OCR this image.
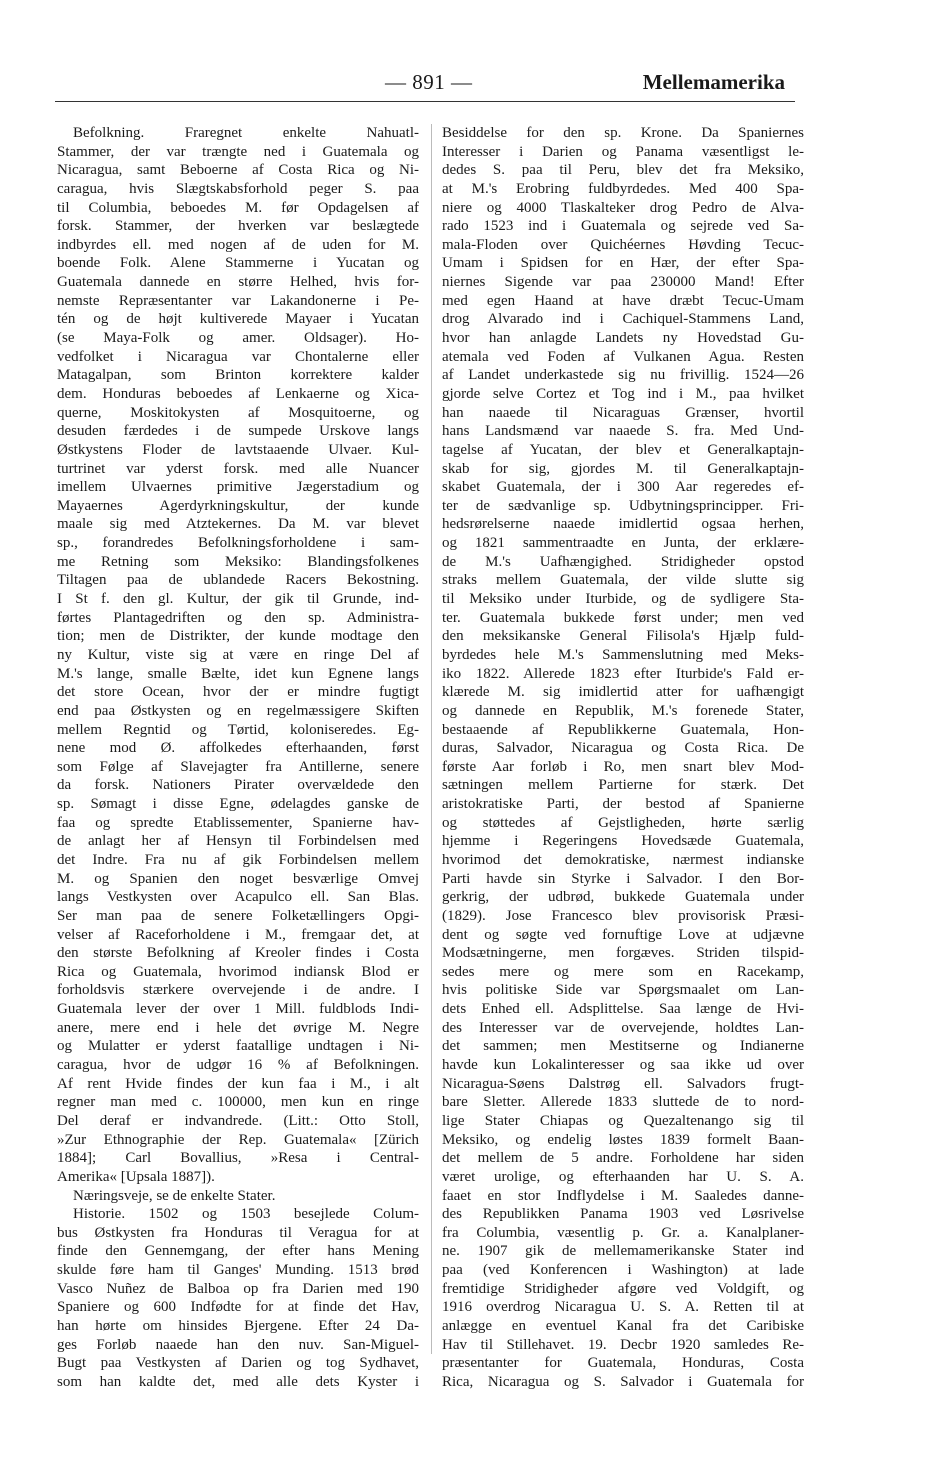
— 891 —	Mellemamerika
Befolkning. Fraregnet enkelte Nahuatl-
Stammer, der var trængte ned i Guatemala og
Nicaragua, samt Beboerne af Costa Rica og Ni-
caragua, hvis Slægtskabsforhold peger S. paa
til Columbia, beboedes M. før Opdagelsen af
forsk. Stammer, der hverken var beslægtede
indbyrdes ell. med nogen af de uden for M.
boende Folk. Alene Stammerne i Yucatan og
Guatemala dannede en større Helhed, hvis for-
nemste Repræsentanter var Lakandonerne i Pe-
tén og de højt kultiverede Mayaer i Yucatan
(se Maya-Folk og amer. Oldsager). Ho-
vedfolket i Nicaragua var Chontalerne eller
Matagalpan, som Brinton korrektere kalder
dem. Honduras beboedes af Lenkaerne og Xica-
querne, Moskitokysten af Mosquitoerne, og
desuden færdedes i de sumpede Urskove langs
Østkystens Floder de lavtstaaende Ulvaer. Kul-
turtrinet var yderst forsk. med alle Nuancer
imellem Ulvaernes primitive Jægerstadium og
Mayaernes Agerdyrkningskultur, der kunde
maale sig med Atztekernes. Da M. var blevet
sp., forandredes Befolkningsforholdene i sam-
me Retning som Meksiko: Blandingsfolkenes
Tiltagen paa de ublandede Racers Bekostning.
I St f. den gl. Kultur, der gik til Grunde, ind-
førtes Plantagedriften og den sp. Administra-
tion; men de Distrikter, der kunde modtage den
ny Kultur, viste sig at være en ringe Del af
M.'s lange, smalle Bælte, idet kun Egnene langs
det store Ocean, hvor der er mindre fugtigt
end paa Østkysten og en regelmæssigere Skiften
mellem Regntid og Tørtid, koloniseredes. Eg-
nene mod Ø. affolkedes efterhaanden, først
som Følge af Slavejagter fra Antillerne, senere
da forsk. Nationers Pirater overvældede den
sp. Sømagt i disse Egne, ødelagdes ganske de
faa og spredte Etablissementer, Spanierne hav-
de anlagt her af Hensyn til Forbindelsen med
det Indre. Fra nu af gik Forbindelsen mellem
M. og Spanien den noget besværlige Omvej
langs Vestkysten over Acapulco ell. San Blas.
Ser man paa de senere Folketællingers Opgi-
velser af Raceforholdene i M., fremgaar det, at
den største Befolkning af Kreoler findes i Costa
Rica og Guatemala, hvorimod indiansk Blod er
forholdsvis stærkere overvejende i de andre. I
Guatemala lever der over 1 Mill. fuldblods Indi-
anere, mere end i hele det øvrige M. Negre
og Mulatter er yderst faatallige undtagen i Ni-
caragua, hvor de udgør 16 % af Befolkningen.
Af rent Hvide findes der kun faa i M., i alt
regner man med c. 100000, men kun en ringe
Del deraf er indvandrede. (Litt.: Otto Stoll,
»Zur Ethnographie der Rep. Guatemala« [Zürich
1884]; Carl Bovallius, »Resa i Central-
Amerika« [Upsala 1887]).
Næringsveje, se de enkelte Stater.
Historie. 1502 og 1503 besejlede Colum-
bus Østkysten fra Honduras til Veragua for at
finde den Gennemgang, der efter hans Mening
skulde føre ham til Ganges' Munding. 1513 brød
Vasco Nuñez de Balboa op fra Darien med 190
Spaniere og 600 Indfødte for at finde det Hav,
han hørte om hinsides Bjergene. Efter 24 Da-
ges Forløb naaede han den nuv. San-Miguel-
Bugt paa Vestkysten af Darien og tog Sydhavet,
som han kaldte det, med alle dets Kyster i
Besiddelse for den sp. Krone. Da Spaniernes
Interesser i Darien og Panama væsentligst le-
dedes S. paa til Peru, blev det fra Meksiko,
at M.'s Erobring fuldbyrdedes. Med 400 Spa-
niere og 4000 Tlaskalteker drog Pedro de Alva-
rado 1523 ind i Guatemala og sejrede ved Sa-
mala-Floden over Quichéernes Høvding Tecuc-
Umam i Spidsen for en Hær, der efter Spa-
niernes Sigende var paa 230000 Mand! Efter
med egen Haand at have dræbt Tecuc-Umam
drog Alvarado ind i Cachiquel-Stammens Land,
hvor han anlagde Landets ny Hovedstad Gu-
atemala ved Foden af Vulkanen Agua. Resten
af Landet underkastede sig nu frivillig. 1524—26
gjorde selve Cortez et Tog ind i M., paa hvilket
han naaede til Nicaraguas Grænser, hvortil
hans Landsmænd var naaede S. fra. Med Und-
tagelse af Yucatan, der blev et Generalkaptajn-
skab for sig, gjordes M. til Generalkaptajn-
skabet Guatemala, der i 300 Aar regeredes ef-
ter de sædvanlige sp. Udbytningsprincipper. Fri-
hedsrørelserne naaede imidlertid ogsaa herhen,
og 1821 sammentraadte en Junta, der erklære-
de M.'s Uafhængighed. Stridigheder opstod
straks mellem Guatemala, der vilde slutte sig
til Meksiko under Iturbide, og de sydligere Sta-
ter. Guatemala bukkede først under; men ved
den meksikanske General Filisola's Hjælp fuld-
byrdedes hele M.'s Sammenslutning med Meks-
iko 1822. Allerede 1823 efter Iturbide's Fald er-
klærede M. sig imidlertid atter for uafhængigt
og dannede en Republik, M.'s forenede Stater,
bestaaende af Republikkerne Guatemala, Hon-
duras, Salvador, Nicaragua og Costa Rica. De
første Aar forløb i Ro, men snart blev Mod-
sætningen mellem Partierne for stærk. Det
aristokratiske Parti, der bestod af Spanierne
og støttedes af Gejstligheden, hørte særlig
hjemme i Regeringens Hovedsæde Guatemala,
hvorimod det demokratiske, nærmest indianske
Parti havde sin Styrke i Salvador. I den Bor-
gerkrig, der udbrød, bukkede Guatemala under
(1829). Jose Francesco blev provisorisk Præsi-
dent og søgte ved fornuftige Love at udjævne
Modsætningerne, men forgæves. Striden tilspid-
sedes mere og mere som en Racekamp,
hvis politiske Side var Spørgsmaalet om Lan-
dets Enhed ell. Adsplittelse. Saa længe de Hvi-
des Interesser var de overvejende, holdtes Lan-
det sammen; men Mestitserne og Indianerne
havde kun Lokalinteresser og saa ikke ud over
Nicaragua-Søens Dalstrøg ell. Salvadors frugt-
bare Sletter. Allerede 1833 sluttede de to nord-
lige Stater Chiapas og Quezaltenango sig til
Meksiko, og endelig løstes 1839 formelt Baan-
det mellem de 5 andre. Forholdene har siden
været urolige, og efterhaanden har U. S. A.
faaet en stor Indflydelse i M. Saaledes danne-
des Republikken Panama 1903 ved Løsrivelse
fra Columbia, væsentlig p. Gr. a. Kanalplaner-
ne. 1907 gik de mellemamerikanske Stater ind
paa (ved Konferencen i Washington) at lade
fremtidige Stridigheder afgøre ved Voldgift, og
1916 overdrog Nicaragua U. S. A. Retten til at
anlægge en eventuel Kanal fra det Caribiske
Hav til Stillehavet. 19. Decbr 1920 samledes Re-
præsentanter for Guatemala, Honduras, Costa
Rica, Nicaragua og S. Salvador i Guatemala for
